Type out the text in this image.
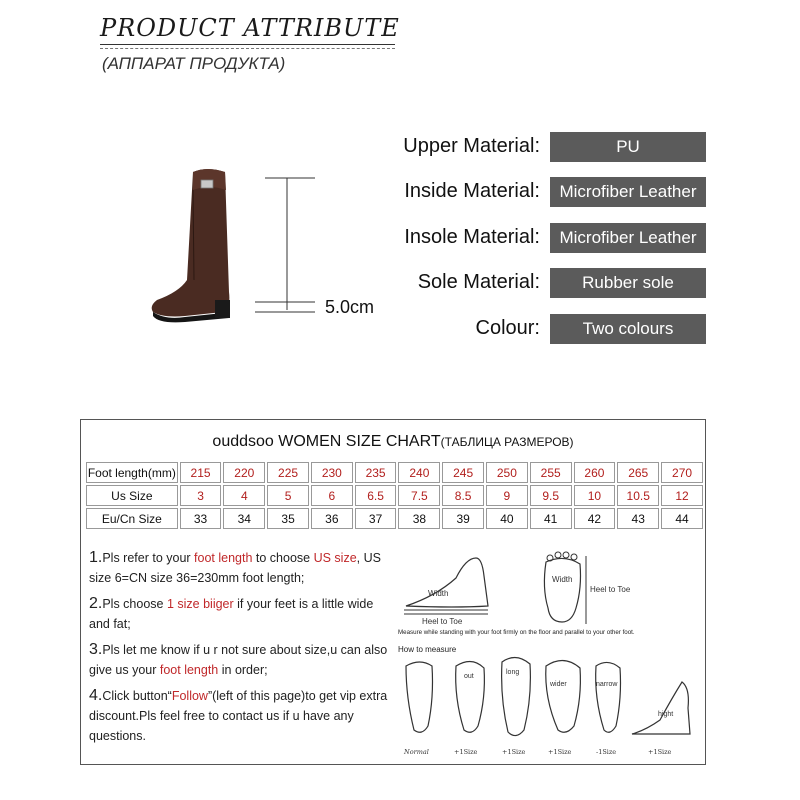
PRODUCT ATTRIBUTE
(АППАРАТ ПРОДУКТА)
5.0cm
Upper Material:	PU
Inside Material:	Microfiber Leather
Insole Material:	Microfiber Leather
Sole Material:	Rubber sole
Colour:	Two colours
ouddsoo WOMEN SIZE CHART(ТАБЛИЦА РАЗМЕРОВ)
Foot length(mm)	215	220	225	230	235	240	245	250	255	260	265	270
Us Size	3	4	5	6	6.5	7.5	8.5	9	9.5	10	10.5	12
Eu/Cn Size	33	34	35	36	37	38	39	40	41	42	43	44
1.Pls refer to your foot length to choose US size, US size 6=CN size 36=230mm foot length;
2.Pls choose 1 size biiger if your feet is a little wide and fat;
3.Pls let me know if u r not sure about size,u can also give us your foot length in order;
4.Click button“Follow”(left of this page)to get vip extra discount.Pls feel free to contact us if u have any questions.
Width
Heel to Toe
Width
Heel to Toe
Measure while standing with your foot firmly on the floor and parallel to your other foot.
How to measure
out
long
wider	narrow
hight
Normal	+1Size	+1Size	+1Size	-1Size	+1Size
